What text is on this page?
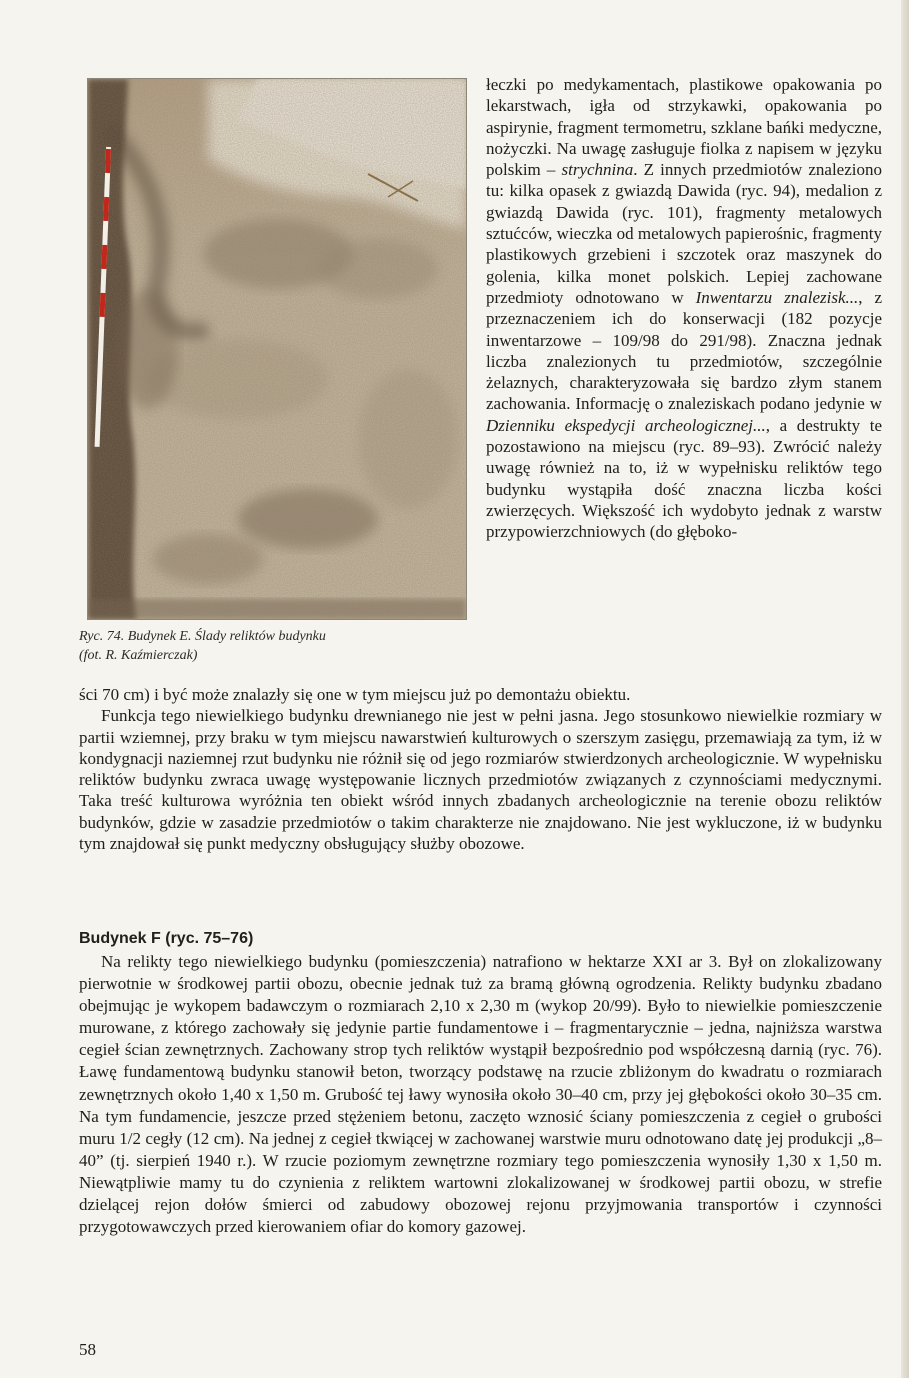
Ryc. 74. Budynek E. Ślady reliktów budynku
(fot. R. Kaźmierczak)

łeczki po medykamentach, plastikowe opakowania po lekarstwach, igła od strzykawki, opakowania po aspirynie, fragment termometru, szklane bańki medyczne, nożyczki. Na uwagę zasługuje fiolka z napisem w języku polskim – strychnina. Z innych przedmiotów znaleziono tu: kilka opasek z gwiazdą Dawida (ryc. 94), medalion z gwiazdą Dawida (ryc. 101), fragmenty metalowych sztućców, wieczka od metalowych papierośnic, fragmenty plastikowych grzebieni i szczotek oraz maszynek do golenia, kilka monet polskich. Lepiej zachowane przedmioty odnotowano w Inwentarzu znalezisk..., z przeznaczeniem ich do konserwacji (182 pozycje inwentarzowe – 109/98 do 291/98). Znaczna jednak liczba znalezionych tu przedmiotów, szczególnie żelaznych, charakteryzowała się bardzo złym stanem zachowania. Informację o znaleziskach podano jedynie w Dzienniku ekspedycji archeologicznej..., a destrukty te pozostawiono na miejscu (ryc. 89–93). Zwrócić należy uwagę również na to, iż w wypełnisku reliktów tego budynku wystąpiła dość znaczna liczba kości zwierzęcych. Większość ich wydobyto jednak z warstw przypowierzchniowych (do głęboko-

ści 70 cm) i być może znalazły się one w tym miejscu już po demontażu obiektu.

Funkcja tego niewielkiego budynku drewnianego nie jest w pełni jasna. Jego stosunkowo niewielkie rozmiary w partii wziemnej, przy braku w tym miejscu nawarstwień kulturowych o szerszym zasięgu, przemawiają za tym, iż w kondygnacji naziemnej rzut budynku nie różnił się od jego rozmiarów stwierdzonych archeologicznie. W wypełnisku reliktów budynku zwraca uwagę występowanie licznych przedmiotów związanych z czynnościami medycznymi. Taka treść kulturowa wyróżnia ten obiekt wśród innych zbadanych archeologicznie na terenie obozu reliktów budynków, gdzie w zasadzie przedmiotów o takim charakterze nie znajdowano. Nie jest wykluczone, iż w budynku tym znajdował się punkt medyczny obsługujący służby obozowe.

Budynek F (ryc. 75–76)

Na relikty tego niewielkiego budynku (pomieszczenia) natrafiono w hektarze XXI ar 3. Był on zlokalizowany pierwotnie w środkowej partii obozu, obecnie jednak tuż za bramą główną ogrodzenia. Relikty budynku zbadano obejmując je wykopem badawczym o rozmiarach 2,10 x 2,30 m (wykop 20/99). Było to niewielkie pomieszczenie murowane, z którego zachowały się jedynie partie fundamentowe i – fragmentarycznie – jedna, najniższa warstwa cegieł ścian zewnętrznych. Zachowany strop tych reliktów wystąpił bezpośrednio pod współczesną darnią (ryc. 76). Ławę fundamentową budynku stanowił beton, tworzący podstawę na rzucie zbliżonym do kwadratu o rozmiarach zewnętrznych około 1,40 x 1,50 m. Grubość tej ławy wynosiła około 30–40 cm, przy jej głębokości około 30–35 cm. Na tym fundamencie, jeszcze przed stężeniem betonu, zaczęto wznosić ściany pomieszczenia z cegieł o grubości muru 1/2 cegły (12 cm). Na jednej z cegieł tkwiącej w zachowanej warstwie muru odnotowano datę jej produkcji „8–40” (tj. sierpień 1940 r.). W rzucie poziomym zewnętrzne rozmiary tego pomieszczenia wynosiły 1,30 x 1,50 m. Niewątpliwie mamy tu do czynienia z reliktem wartowni zlokalizowanej w środkowej partii obozu, w strefie dzielącej rejon dołów śmierci od zabudowy obozowej rejonu przyjmowania transportów i czynności przygotowawczych przed kierowaniem ofiar do komory gazowej.

58
